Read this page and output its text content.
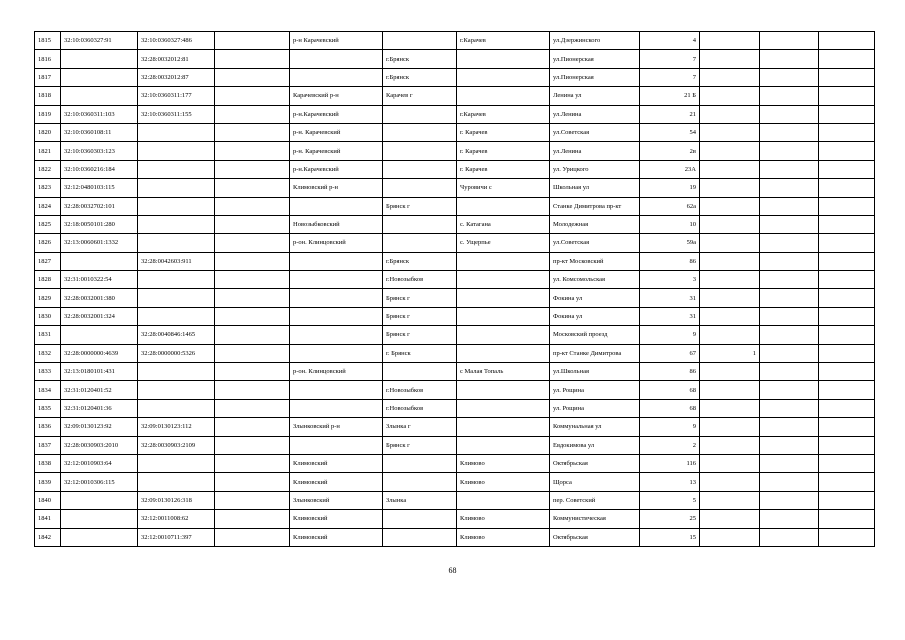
1815	32:10:0360327:91	32:10:0360327:486		р-н Карачевский		г.Карачев	ул.Дзержинского	4			
1816		32:28:0032012:81			г.Брянск		ул.Пионерская	7			
1817		32:28:0032012:87			г.Брянск		ул.Пионерская	7			
1818		32:10:0360311:177		Карачевский р-н	Карачев г		Ленина ул	21 Б			
1819	32:10:0360311:103	32:10:0360311:155		р-н.Карачевский		г.Карачев	ул.Ленина	21			
1820	32:10:0360108:11			р-н. Карачевский		г. Карачев	ул.Советская	54			
1821	32:10:0360303:123			р-н. Карачевский		г. Карачев	ул.Ленина	2в			
1822	32:10:0360216:184			р-н.Карачевский		г. Карачев	ул. Урицкого	23А			
1823	32:12:0480103:115			Климовский р-н		Чуровичи с	Школьная ул	19			
1824	32:28:0032702:101				Брянск г		Станке Димитрова пр-кт	62а			
1825	32:18:0050101:280			Новозыбковский		с. Катагана	Молодежная	10			
1826	32:13:0060601:1332			р-он. Клинцовский		с. Ущерпье	ул.Советская	59а			
1827		32:28:0042603:911			г.Брянск		пр-кт Московский	86			
1828	32:31:0010322:54				г.Новозыбков		ул. Комсомольская	3			
1829	32:28:0032001:380				Брянск г		Фокина ул	31			
1830	32:28:0032001:324				Брянск г		Фокина ул	31			
1831		32:28:0040846:1465			Брянск г		Московский проезд	9			
1832	32:28:0000000:4639	32:28:0000000:5326			г. Брянск		пр-кт Станке Димитрова	67	1		
1833	32:13:0180101:431			р-он. Клинцовский		с Малая Топаль	ул.Школьная	86			
1834	32:31:0120401:52				г.Новозыбков		ул. Рощина	68			
1835	32:31:0120401:36				г.Новозыбков		ул. Рощина	68			
1836	32:09:0130123:92	32:09:0130123:112		Злынковский р-н	Злынка г		Коммунальная ул	9			
1837	32:28:0030903:2010	32:28:0030903:2109			Брянск г		Евдокимова ул	2			
1838	32:12:0010903:64			Климовский		Климово	Октябрьская	116			
1839	32:12:0010306:115			Климовский		Климово	Щорса	13			
1840		32:09:0130126:318		Злынковский	Злынка		пер. Советский	5			
1841		32:12:0011008:62		Климовский		Климово	Коммунистическая	25			
1842		32:12:0010711:397		Климовский		Климово	Октябрьская	15			
68
